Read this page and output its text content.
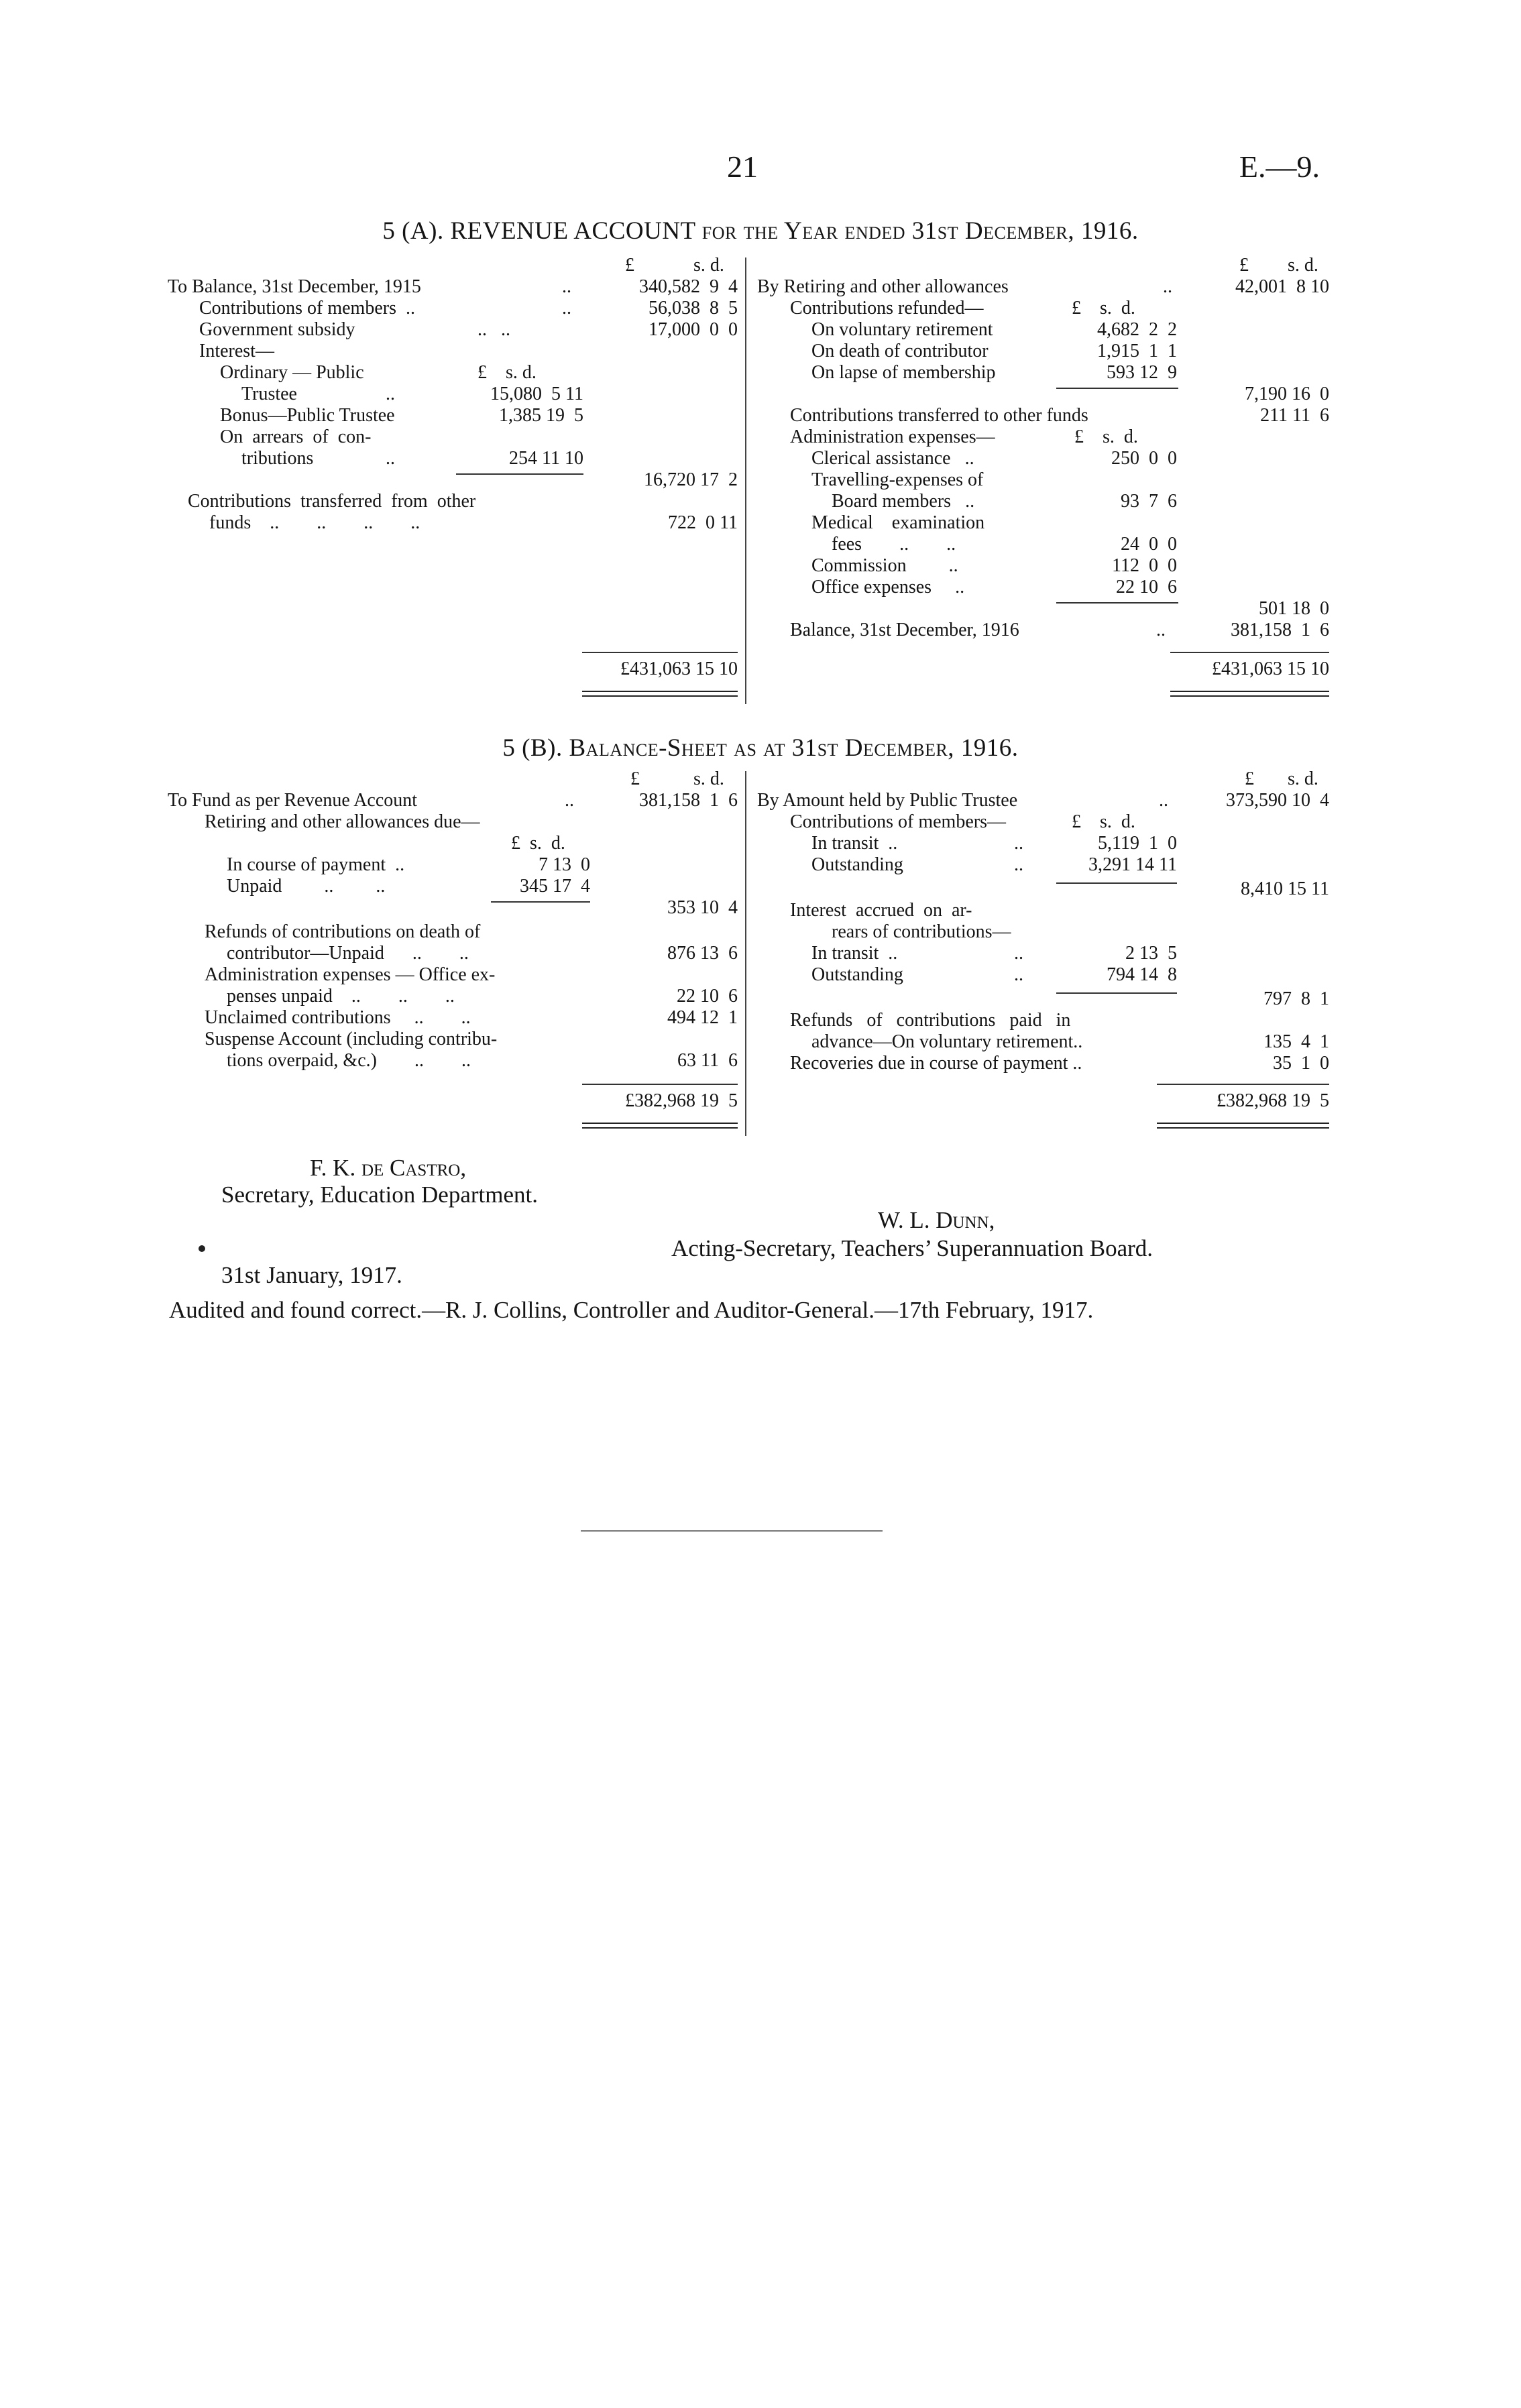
21	E.—9.
5 (A). REVENUE ACCOUNT for the Year ended 31st December, 1916.
£	s. d.
To Balance, 31st December, 1915	..	340,582  9  4
Contributions of members  ..	..	56,038  8  5
Government subsidy	..   ..	17,000  0  0
Interest—
Ordinary — Public	£    s. d.
Trustee	..	15,080  5 11
Bonus—Public Trustee	1,385 19  5
On  arrears  of  con-
tributions	..	254 11 10
16,720 17  2
Contributions  transferred  from  other
funds    ..        ..        ..        ..	722  0 11
£431,063 15 10
£ s. d.
By Retiring and other allowances	..	42,001  8 10
Contributions refunded—	£    s.  d.
On voluntary retirement	4,682  2  2
On death of contributor	1,915  1  1
On lapse of membership	593 12  9
7,190 16  0
Contributions transferred to other funds	211 11  6
Administration expenses—	£    s.  d.
Clerical assistance   ..	250  0  0
Travelling-expenses of
Board members   ..	93  7  6
Medical    examination
fees        ..        ..	24  0  0
Commission         ..	112  0  0
Office expenses     ..	22 10  6
501 18  0
Balance, 31st December, 1916	..	381,158  1  6
£431,063 15 10
5 (B). Balance-Sheet as at 31st December, 1916.
£	s. d.
To Fund as per Revenue Account	..	381,158  1  6
Retiring and other allowances due—
£  s.  d.
In course of payment  ..	7 13  0
Unpaid         ..         ..	345 17  4
353 10  4
Refunds of contributions on death of
contributor—Unpaid      ..        ..	876 13  6
Administration expenses — Office ex-
penses unpaid    ..        ..        ..	22 10  6
Unclaimed contributions     ..        ..	494 12  1
Suspense Account (including contribu-
tions overpaid, &c.)        ..        ..	63 11  6
£382,968 19  5
£ s. d.
By Amount held by Public Trustee	..	373,590 10  4
Contributions of members—	£    s.  d.
In transit  ..	..	5,119  1  0
Outstanding	..	3,291 14 11
8,410 15 11
Interest  accrued  on  ar-
rears of contributions—
In transit  ..	..	2 13  5
Outstanding	..	794 14  8
797  8  1
Refunds   of   contributions   paid   in
advance—On voluntary retirement..	135  4  1
Recoveries due in course of payment ..	35  1  0
£382,968 19  5
F. K. de Castro,
Secretary, Education Department.
W. L. Dunn,
Acting-Secretary, Teachers’ Superannuation Board.
31st January, 1917.
Audited and found correct.—R. J. Collins, Controller and Auditor-General.—17th February, 1917.
